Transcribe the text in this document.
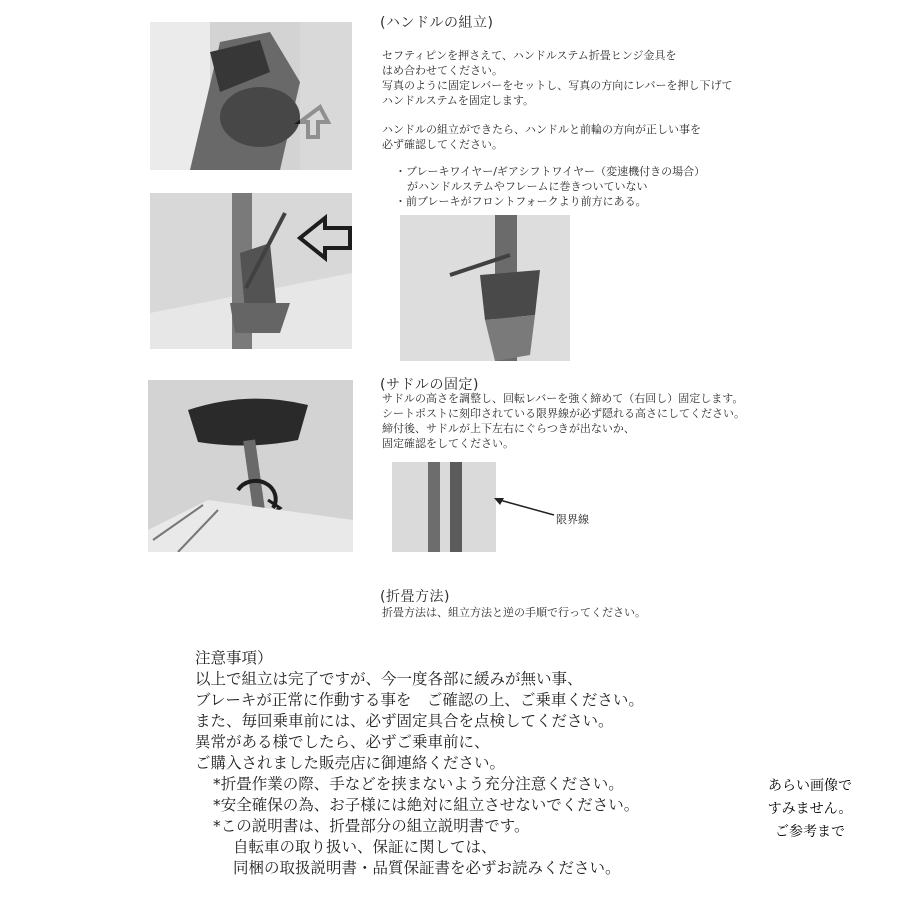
限界線
(ハンドルの組立)
セフティピンを押さえて、ハンドルステム折畳ヒンジ金具を
はめ合わせてください。
写真のように固定レバーをセットし、写真の方向にレバーを押し下げて
ハンドルステムを固定します。
ハンドルの組立ができたら、ハンドルと前輪の方向が正しい事を
必ず確認してください。
・ブレーキワイヤー/ギアシフトワイヤー（変速機付きの場合）
がハンドルステムやフレームに巻きついていない
・前ブレーキがフロントフォークより前方にある。
(サドルの固定)
サドルの高さを調整し、回転レバーを強く締めて（右回し）固定します。
シートポストに刻印されている限界線が必ず隠れる高さにしてください。
締付後、サドルが上下左右にぐらつきが出ないか、
固定確認をしてください。
(折畳方法)
折畳方法は、組立方法と逆の手順で行ってください。
注意事項）
以上で組立は完了ですが、今一度各部に緩みが無い事、
ブレーキが正常に作動する事を　ご確認の上、ご乗車ください。
また、毎回乗車前には、必ず固定具合を点検してください。
異常がある様でしたら、必ずご乗車前に、
ご購入されました販売店に御連絡ください。
*折畳作業の際、手などを挟まないよう充分注意ください。
*安全確保の為、お子様には絶対に組立させないでください。
*この説明書は、折畳部分の組立説明書です。
自転車の取り扱い、保証に関しては、
同梱の取扱説明書・品質保証書を必ずお読みください。
あらい画像で
すみません。
ご参考まで
